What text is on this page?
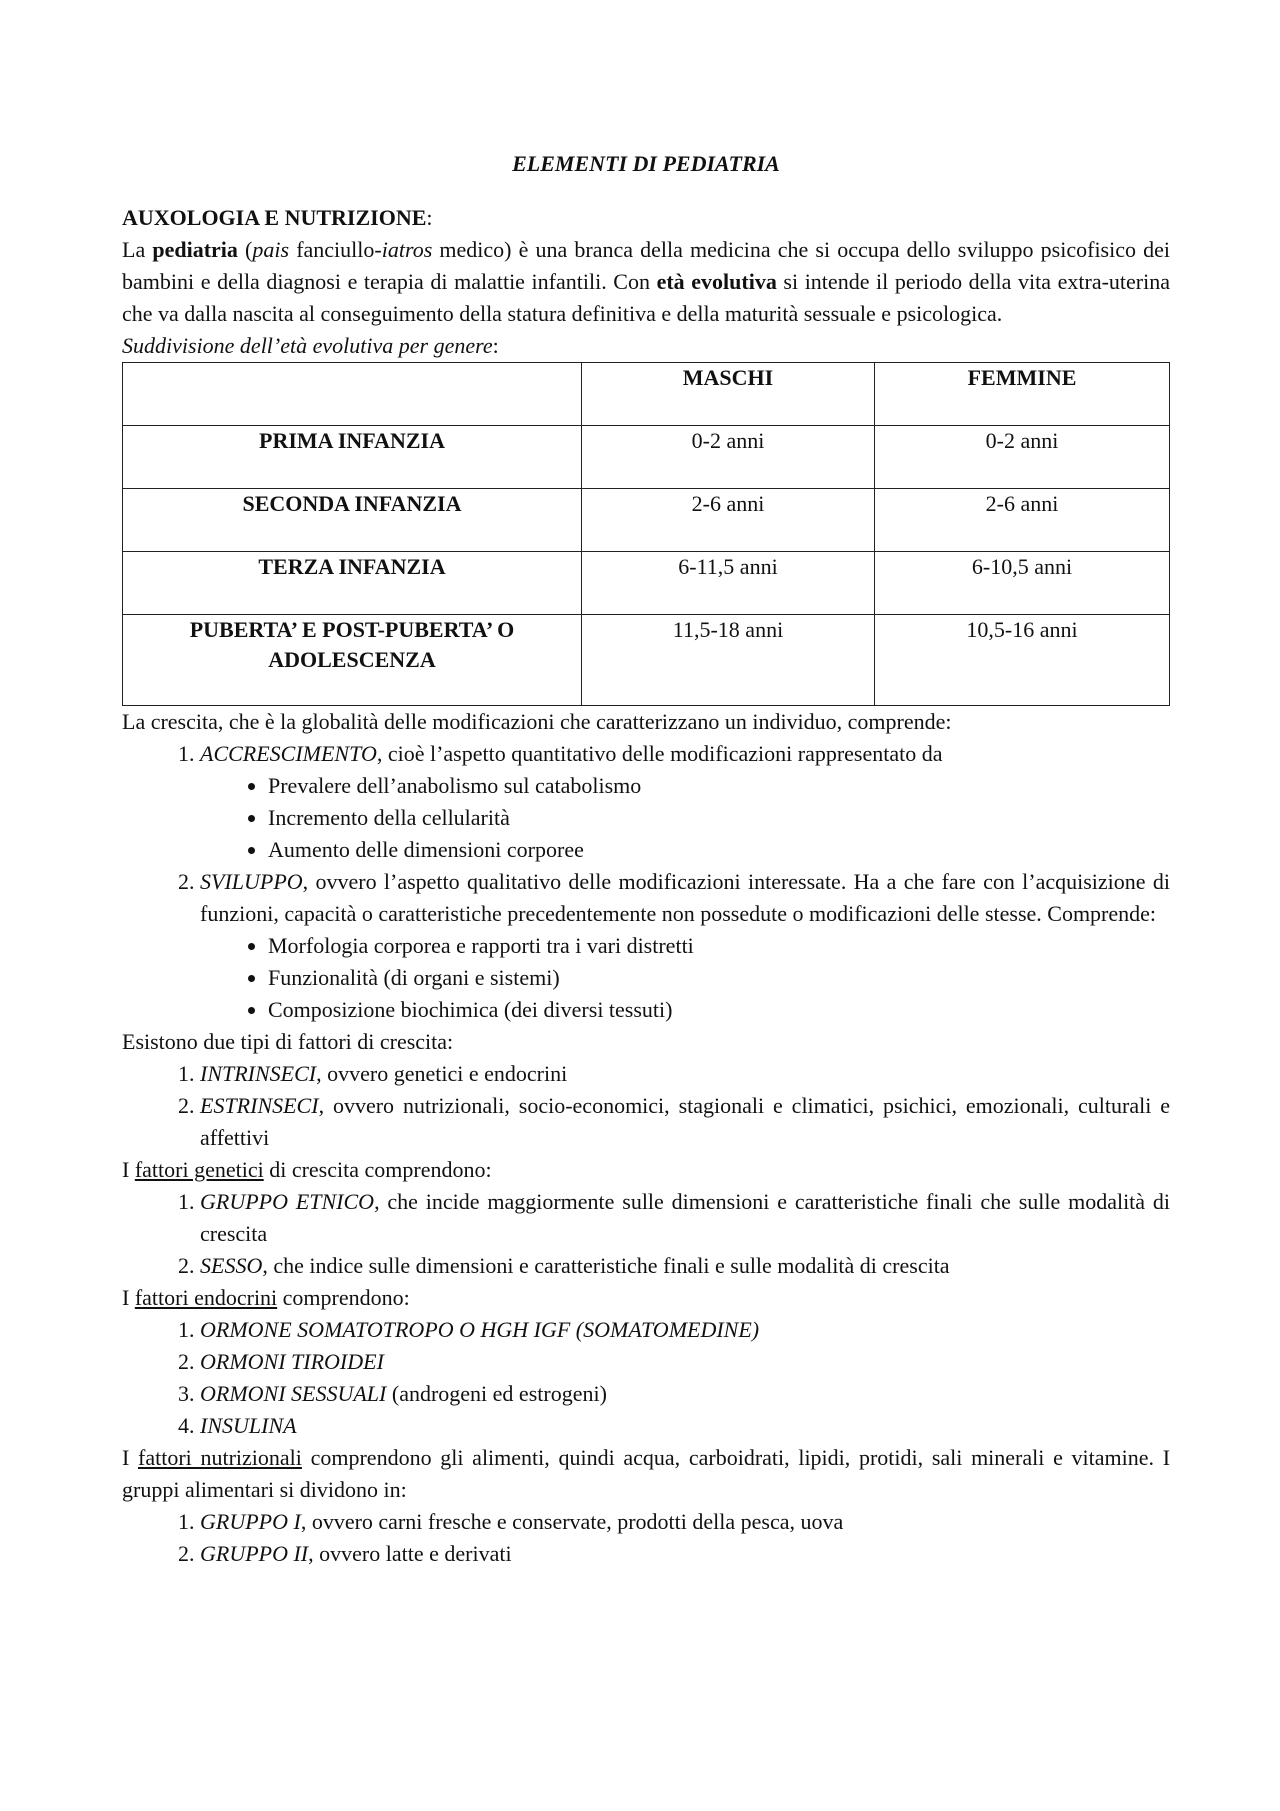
ELEMENTI DI PEDIATRIA

AUXOLOGIA E NUTRIZIONE:

La pediatria (pais fanciullo-iatros medico) è una branca della medicina che si occupa dello sviluppo psicofisico dei bambini e della diagnosi e terapia di malattie infantili. Con età evolutiva si intende il periodo della vita extra-uterina che va dalla nascita al conseguimento della statura definitiva e della maturità sessuale e psicologica.

Suddivisione dell’età evolutiva per genere:

	MASCHI	FEMMINE
PRIMA INFANZIA	0-2 anni	0-2 anni
SECONDA INFANZIA	2-6 anni	2-6 anni
TERZA INFANZIA	6-11,5 anni	6-10,5 anni
PUBERTA’ E POST-PUBERTA’ O ADOLESCENZA	11,5-18 anni	10,5-16 anni

La crescita, che è la globalità delle modificazioni che caratterizzano un individuo, comprende:

1. ACCRESCIMENTO, cioè l’aspetto quantitativo delle modificazioni rappresentato da
• Prevalere dell’anabolismo sul catabolismo
• Incremento della cellularità
• Aumento delle dimensioni corporee
2. SVILUPPO, ovvero l’aspetto qualitativo delle modificazioni interessate. Ha a che fare con l’acquisizione di funzioni, capacità o caratteristiche precedentemente non possedute o modificazioni delle stesse. Comprende:
• Morfologia corporea e rapporti tra i vari distretti
• Funzionalità (di organi e sistemi)
• Composizione biochimica (dei diversi tessuti)

Esistono due tipi di fattori di crescita:

1. INTRINSECI, ovvero genetici e endocrini
2. ESTRINSECI, ovvero nutrizionali, socio-economici, stagionali e climatici, psichici, emozionali, culturali e affettivi

I fattori genetici di crescita comprendono:

1. GRUPPO ETNICO, che incide maggiormente sulle dimensioni e caratteristiche finali che sulle modalità di crescita
2. SESSO, che indice sulle dimensioni e caratteristiche finali e sulle modalità di crescita

I fattori endocrini comprendono:

1. ORMONE SOMATOTROPO O HGH IGF (SOMATOMEDINE)
2. ORMONI TIROIDEI
3. ORMONI SESSUALI (androgeni ed estrogeni)
4. INSULINA

I fattori nutrizionali comprendono gli alimenti, quindi acqua, carboidrati, lipidi, protidi, sali minerali e vitamine. I gruppi alimentari si dividono in:

1. GRUPPO I, ovvero carni fresche e conservate, prodotti della pesca, uova
2. GRUPPO II, ovvero latte e derivati
